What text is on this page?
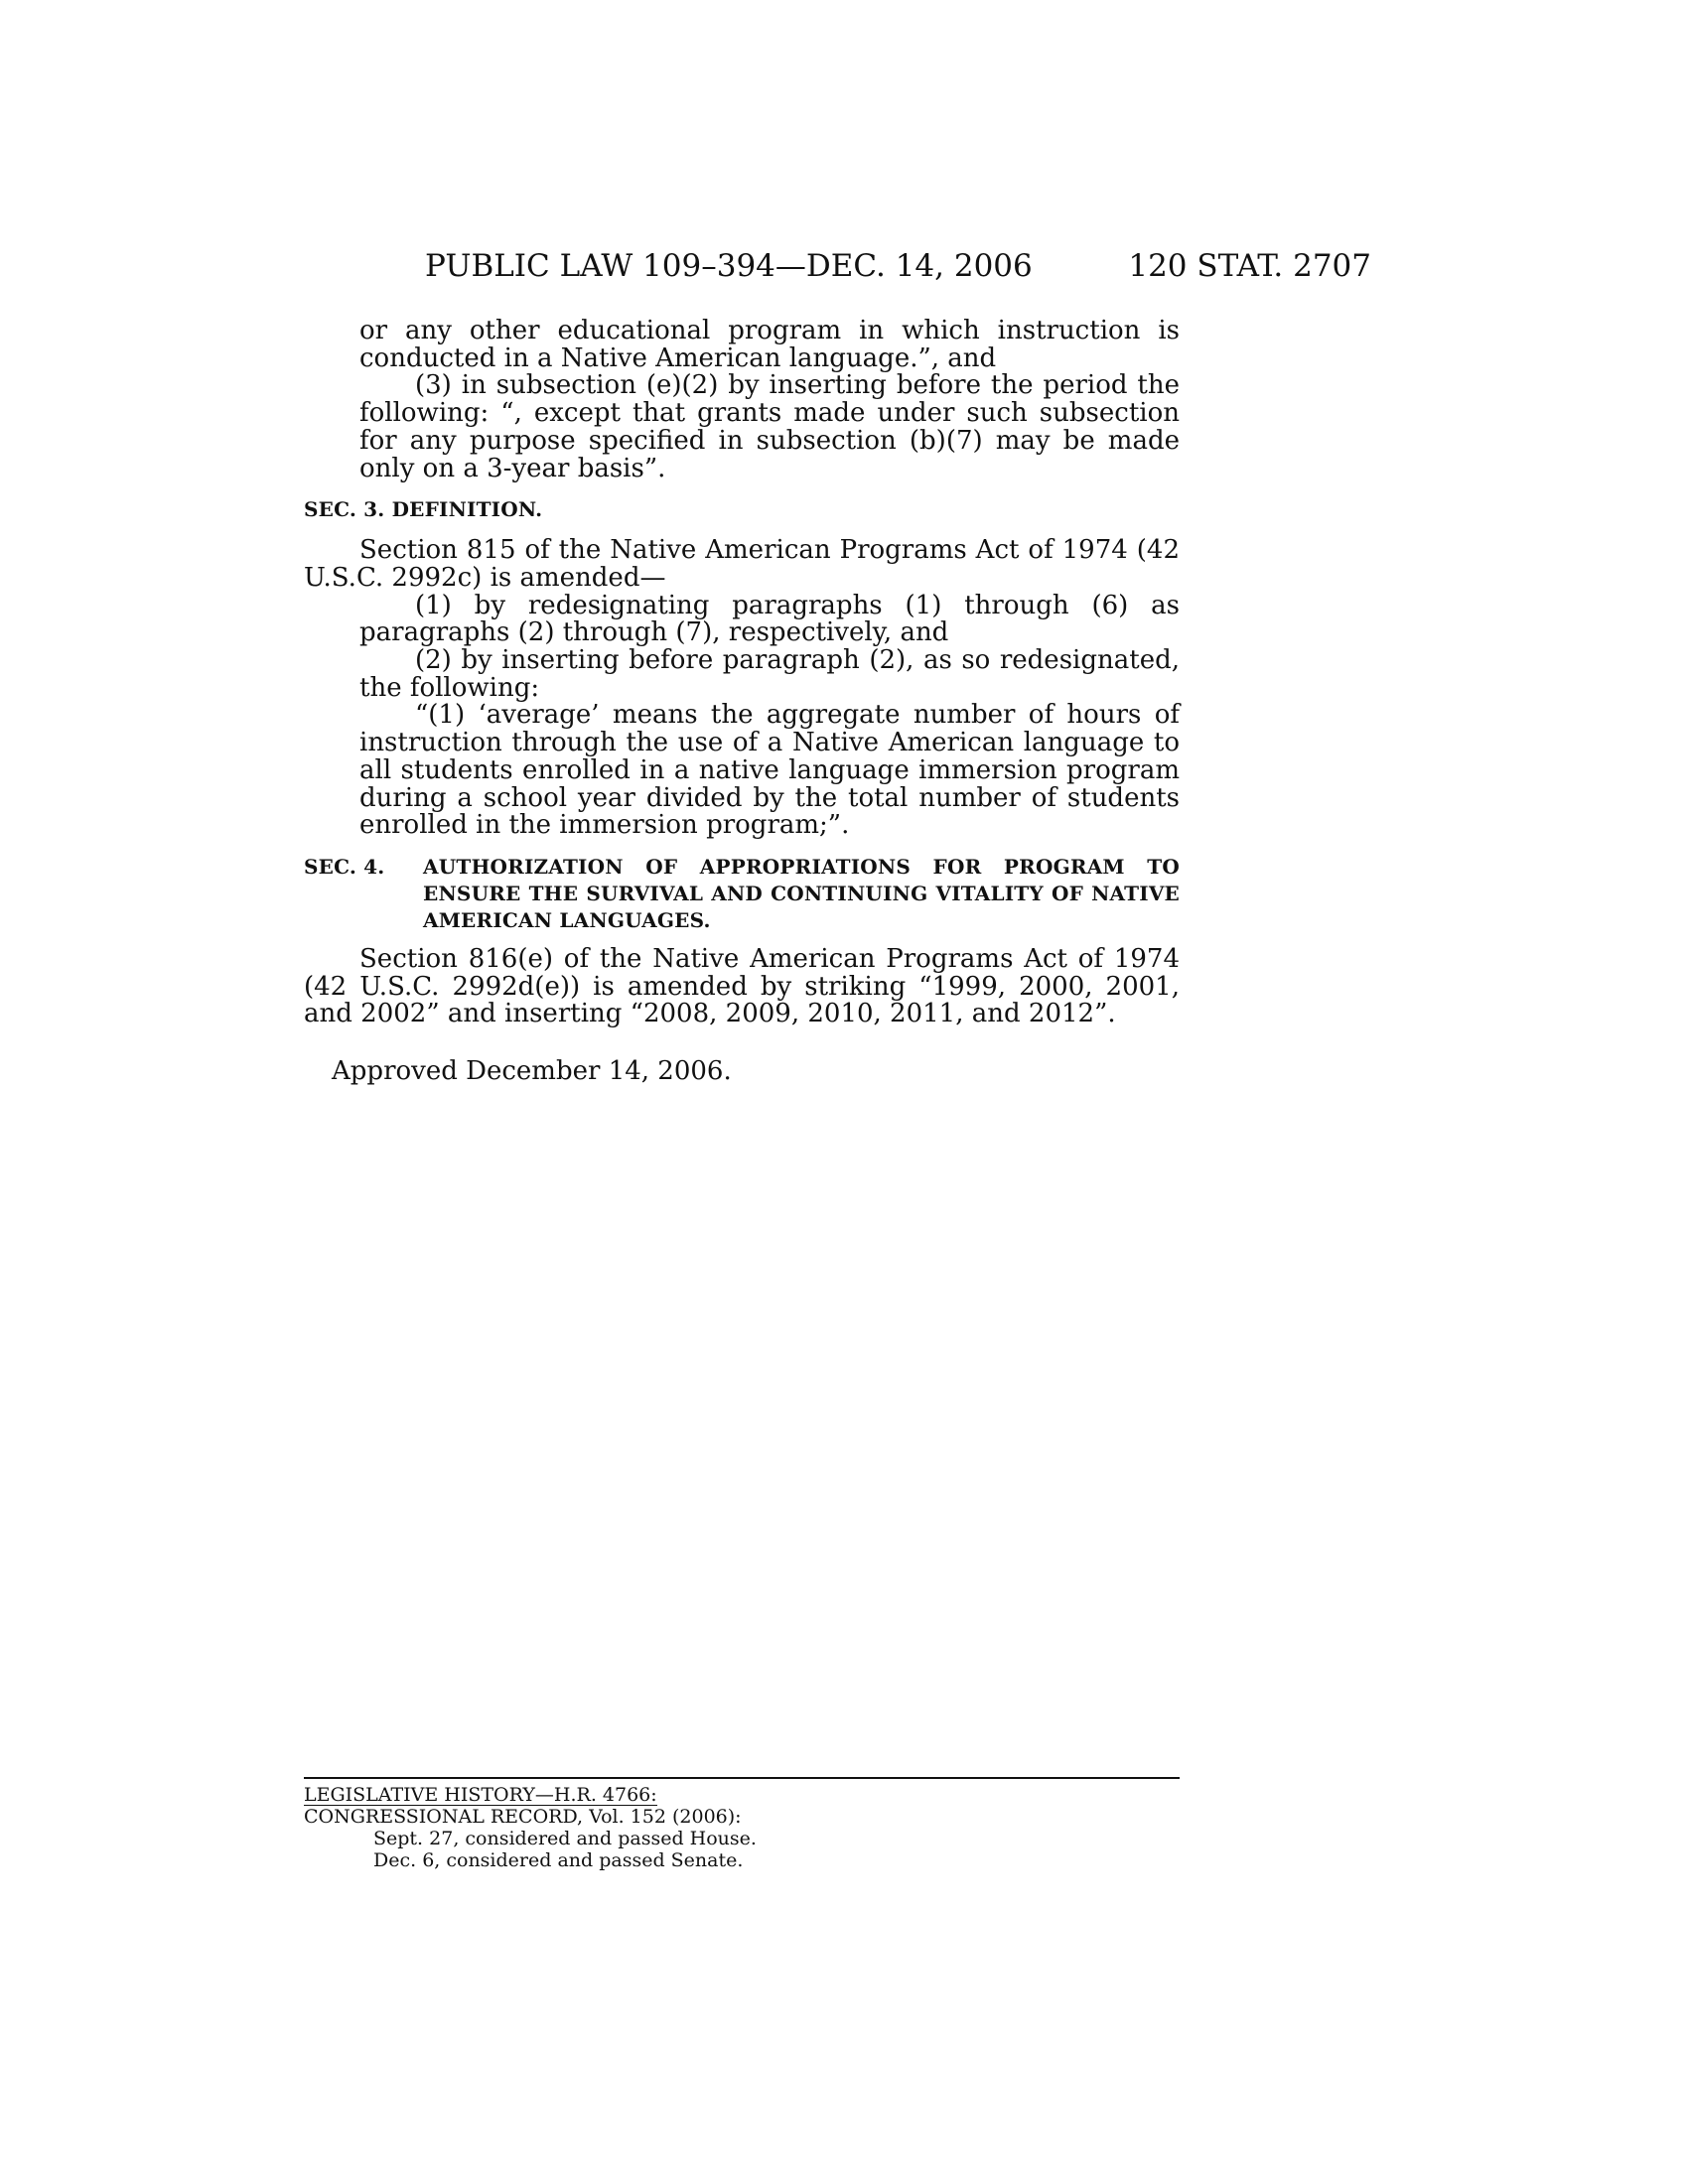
PUBLIC LAW 109–394—DEC. 14, 2006	120 STAT. 2707

or any other educational program in which instruction is conducted in a Native American language.”, and

(3) in subsection (e)(2) by inserting before the period the following: “, except that grants made under such subsection for any purpose specified in subsection (b)(7) may be made only on a 3-year basis”.

SEC. 3. DEFINITION.

Section 815 of the Native American Programs Act of 1974 (42 U.S.C. 2992c) is amended—

(1) by redesignating paragraphs (1) through (6) as paragraphs (2) through (7), respectively, and

(2) by inserting before paragraph (2), as so redesignated, the following:

“(1) ‘average’ means the aggregate number of hours of instruction through the use of a Native American language to all students enrolled in a native language immersion program during a school year divided by the total number of students enrolled in the immersion program;”.

SEC. 4.	AUTHORIZATION OF APPROPRIATIONS FOR PROGRAM TO ENSURE THE SURVIVAL AND CONTINUING VITALITY OF NATIVE AMERICAN LANGUAGES.

Section 816(e) of the Native American Programs Act of 1974 (42 U.S.C. 2992d(e)) is amended by striking “1999, 2000, 2001, and 2002” and inserting “2008, 2009, 2010, 2011, and 2012”.

Approved December 14, 2006.

LEGISLATIVE HISTORY—H.R. 4766:

CONGRESSIONAL RECORD, Vol. 152 (2006):

Sept. 27, considered and passed House.

Dec. 6, considered and passed Senate.
